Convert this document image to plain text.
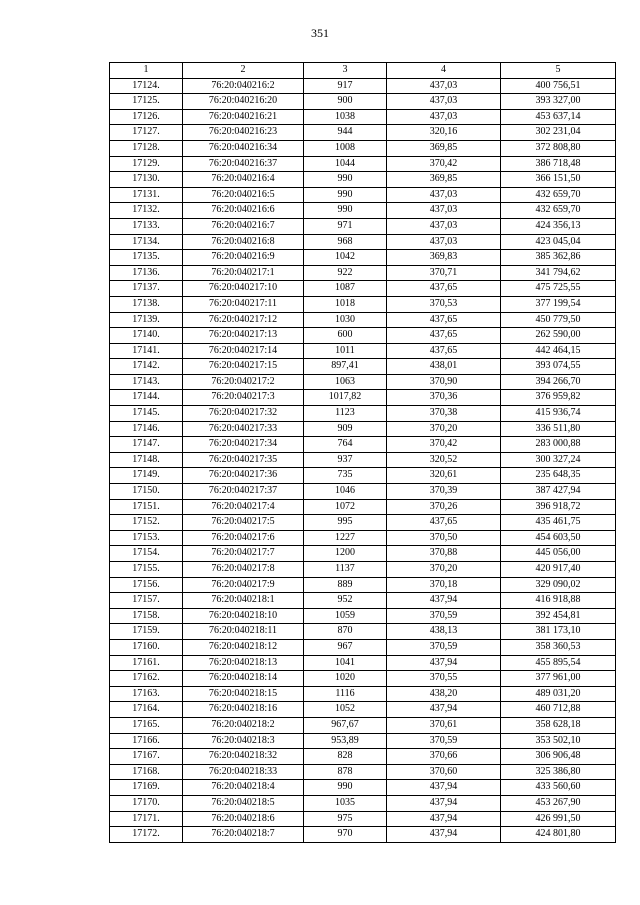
351
1	2	3	4	5
17124.	76:20:040216:2	917	437,03	400 756,51
17125.	76:20:040216:20	900	437,03	393 327,00
17126.	76:20:040216:21	1038	437,03	453 637,14
17127.	76:20:040216:23	944	320,16	302 231,04
17128.	76:20:040216:34	1008	369,85	372 808,80
17129.	76:20:040216:37	1044	370,42	386 718,48
17130.	76:20:040216:4	990	369,85	366 151,50
17131.	76:20:040216:5	990	437,03	432 659,70
17132.	76:20:040216:6	990	437,03	432 659,70
17133.	76:20:040216:7	971	437,03	424 356,13
17134.	76:20:040216:8	968	437,03	423 045,04
17135.	76:20:040216:9	1042	369,83	385 362,86
17136.	76:20:040217:1	922	370,71	341 794,62
17137.	76:20:040217:10	1087	437,65	475 725,55
17138.	76:20:040217:11	1018	370,53	377 199,54
17139.	76:20:040217:12	1030	437,65	450 779,50
17140.	76:20:040217:13	600	437,65	262 590,00
17141.	76:20:040217:14	1011	437,65	442 464,15
17142.	76:20:040217:15	897,41	438,01	393 074,55
17143.	76:20:040217:2	1063	370,90	394 266,70
17144.	76:20:040217:3	1017,82	370,36	376 959,82
17145.	76:20:040217:32	1123	370,38	415 936,74
17146.	76:20:040217:33	909	370,20	336 511,80
17147.	76:20:040217:34	764	370,42	283 000,88
17148.	76:20:040217:35	937	320,52	300 327,24
17149.	76:20:040217:36	735	320,61	235 648,35
17150.	76:20:040217:37	1046	370,39	387 427,94
17151.	76:20:040217:4	1072	370,26	396 918,72
17152.	76:20:040217:5	995	437,65	435 461,75
17153.	76:20:040217:6	1227	370,50	454 603,50
17154.	76:20:040217:7	1200	370,88	445 056,00
17155.	76:20:040217:8	1137	370,20	420 917,40
17156.	76:20:040217:9	889	370,18	329 090,02
17157.	76:20:040218:1	952	437,94	416 918,88
17158.	76:20:040218:10	1059	370,59	392 454,81
17159.	76:20:040218:11	870	438,13	381 173,10
17160.	76:20:040218:12	967	370,59	358 360,53
17161.	76:20:040218:13	1041	437,94	455 895,54
17162.	76:20:040218:14	1020	370,55	377 961,00
17163.	76:20:040218:15	1116	438,20	489 031,20
17164.	76:20:040218:16	1052	437,94	460 712,88
17165.	76:20:040218:2	967,67	370,61	358 628,18
17166.	76:20:040218:3	953,89	370,59	353 502,10
17167.	76:20:040218:32	828	370,66	306 906,48
17168.	76:20:040218:33	878	370,60	325 386,80
17169.	76:20:040218:4	990	437,94	433 560,60
17170.	76:20:040218:5	1035	437,94	453 267,90
17171.	76:20:040218:6	975	437,94	426 991,50
17172.	76:20:040218:7	970	437,94	424 801,80
